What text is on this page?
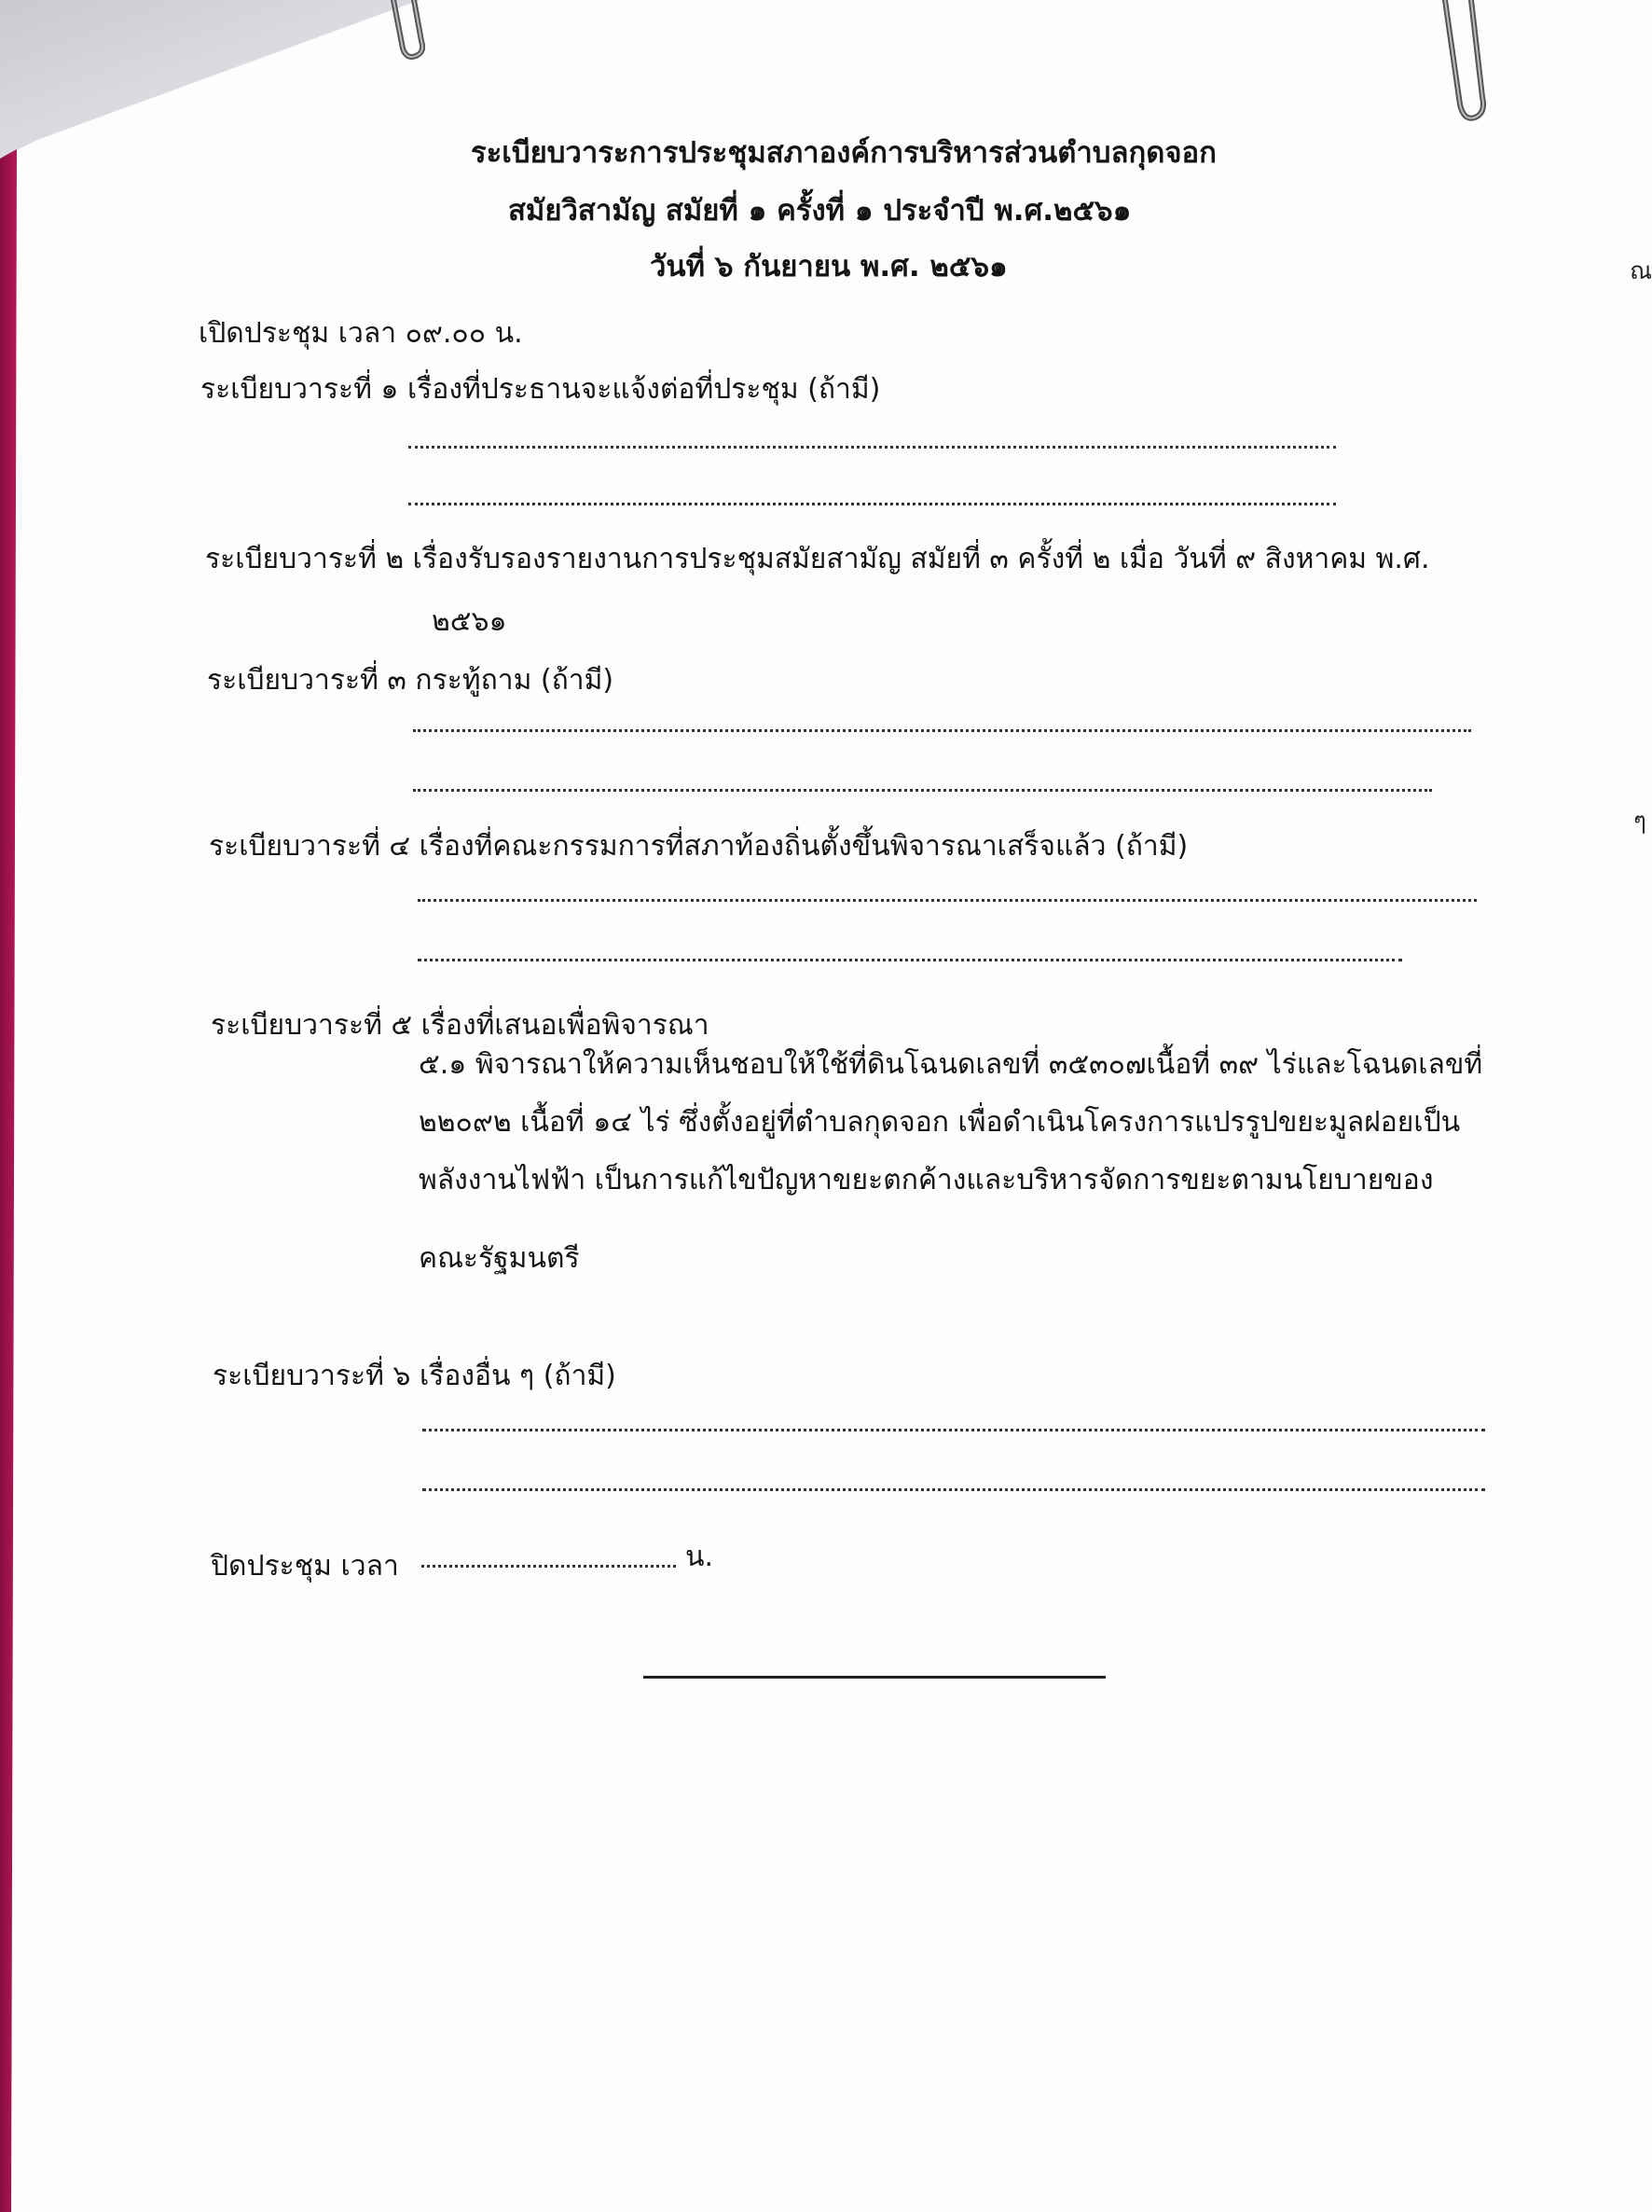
ระเบียบวาระการประชุมสภาองค์การบริหารส่วนตำบลกุดจอก
สมัยวิสามัญ สมัยที่ ๑ ครั้งที่ ๑ ประจำปี พ.ศ.๒๕๖๑
วันที่ ๖ กันยายน พ.ศ. ๒๕๖๑	ณ
ๆ
เปิดประชุม เวลา ๐๙.๐๐ น.
ระเบียบวาระที่ ๑ เรื่องที่ประธานจะแจ้งต่อที่ประชุม (ถ้ามี)
ระเบียบวาระที่ ๒ เรื่องรับรองรายงานการประชุมสมัยสามัญ สมัยที่ ๓ ครั้งที่ ๒ เมื่อ วันที่ ๙ สิงหาคม พ.ศ.
๒๕๖๑
ระเบียบวาระที่ ๓ กระทู้ถาม (ถ้ามี)
ระเบียบวาระที่ ๔ เรื่องที่คณะกรรมการที่สภาท้องถิ่นตั้งขึ้นพิจารณาเสร็จแล้ว (ถ้ามี)
ระเบียบวาระที่ ๕ เรื่องที่เสนอเพื่อพิจารณา
๕.๑ พิจารณาให้ความเห็นชอบให้ใช้ที่ดินโฉนดเลขที่ ๓๕๓๐๗เนื้อที่ ๓๙ ไร่และโฉนดเลขที่
๒๒๐๙๒ เนื้อที่ ๑๔ ไร่ ซึ่งตั้งอยู่ที่ตำบลกุดจอก เพื่อดำเนินโครงการแปรรูปขยะมูลฝอยเป็น
พลังงานไฟฟ้า เป็นการแก้ไขปัญหาขยะตกค้างและบริหารจัดการขยะตามนโยบายของ
คณะรัฐมนตรี
ระเบียบวาระที่ ๖ เรื่องอื่น ๆ (ถ้ามี)
ปิดประชุม เวลา	น.
